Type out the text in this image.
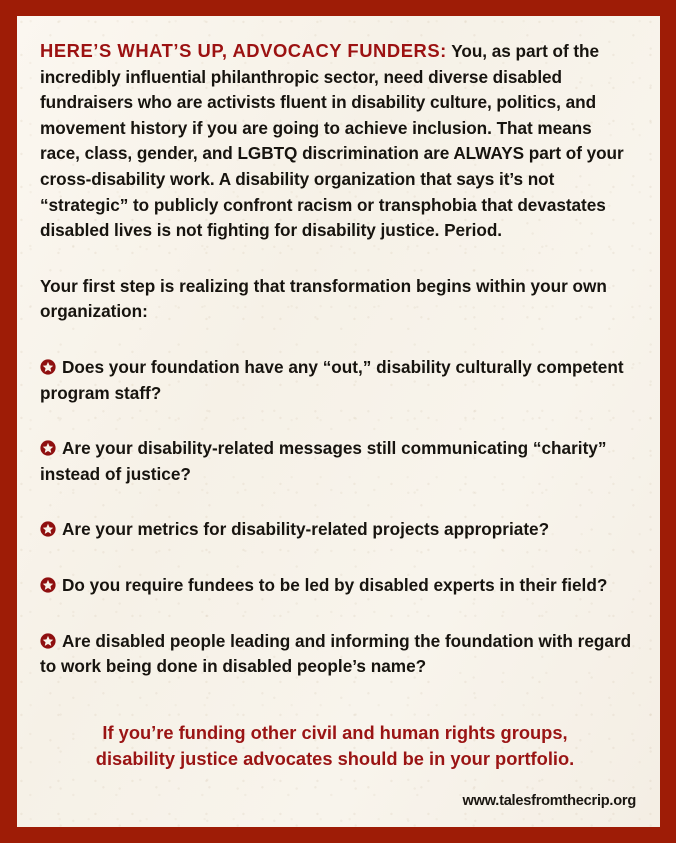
HERE’S WHAT’S UP, ADVOCACY FUNDERS: You, as part of the incredibly influential philanthropic sector, need diverse disabled fundraisers who are activists fluent in disability culture, politics, and movement history if you are going to achieve inclusion. That means race, class, gender, and LGBTQ discrimination are ALWAYS part of your cross-disability work. A disability organization that says it’s not “strategic” to publicly confront racism or transphobia that devastates disabled lives is not fighting for disability justice. Period.

Your first step is realizing that transformation begins within your own organization:

Does your foundation have any “out,” disability culturally competent program staff?
Are your disability-related messages still communicating “charity” instead of justice?
Are your metrics for disability-related projects appropriate?
Do you require fundees to be led by disabled experts in their field?
Are disabled people leading and informing the foundation with regard to work being done in disabled people’s name?

If you’re funding other civil and human rights groups,
disability justice advocates should be in your portfolio.

www.talesfromthecrip.org
